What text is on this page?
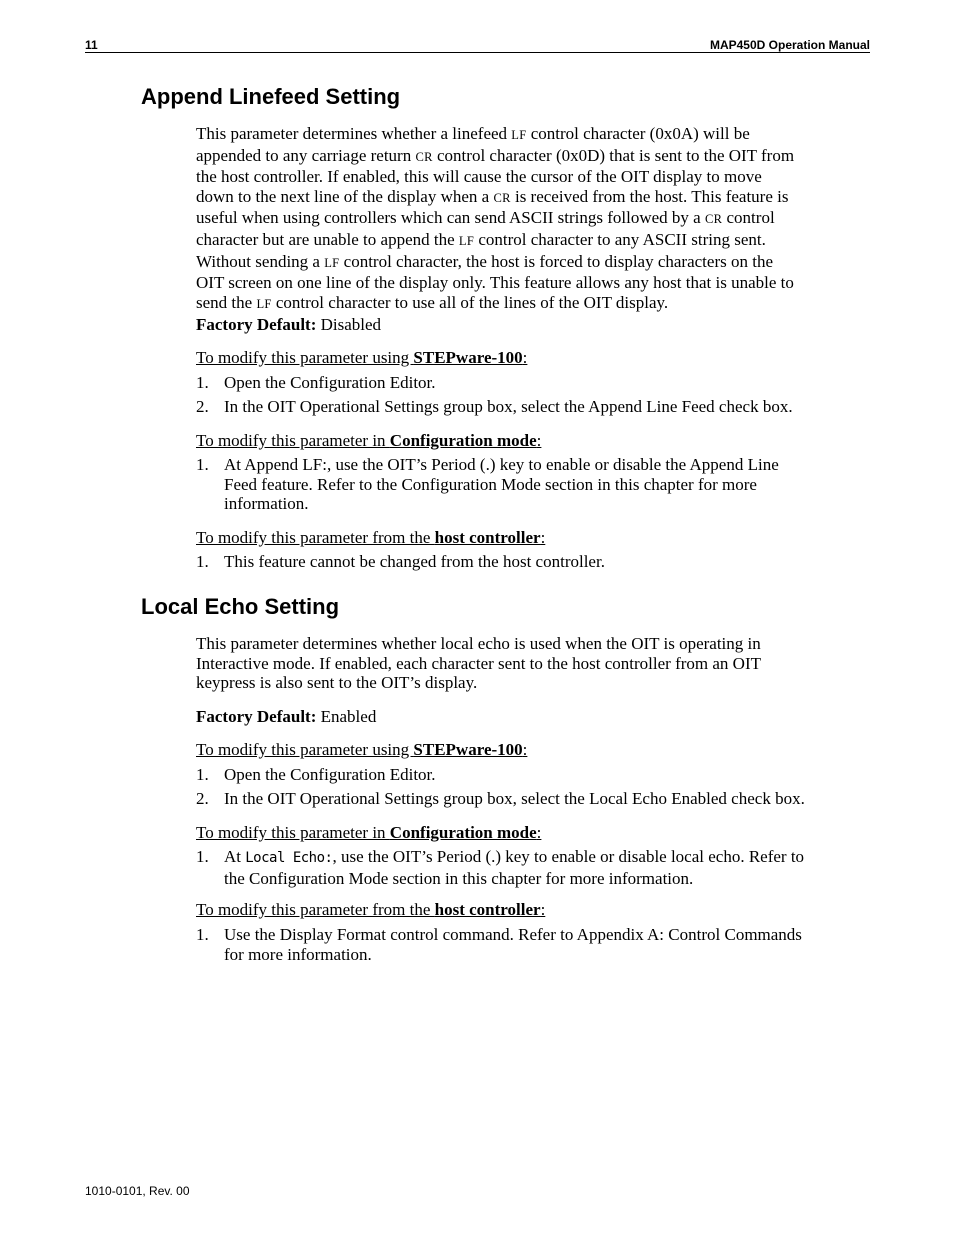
11	MAP450D Operation Manual
Append Linefeed Setting
This parameter determines whether a linefeed LF control character (0x0A) will be
appended to any carriage return CR control character (0x0D) that is sent to the OIT from
the host controller. If enabled, this will cause the cursor of the OIT display to move
down to the next line of the display when a CR is received from the host. This feature is
useful when using controllers which can send ASCII strings followed by a CR control
character but are unable to append the LF control character to any ASCII string sent.
Without sending a LF control character, the host is forced to display characters on the
OIT screen on one line of the display only. This feature allows any host that is unable to
send the LF control character to use all of the lines of the OIT display.
Factory Default: Disabled
To modify this parameter using STEPware-100:
1. Open the Configuration Editor.
2. In the OIT Operational Settings group box, select the Append Line Feed check box.
To modify this parameter in Configuration mode:
1. At Append LF:, use the OIT’s Period (.) key to enable or disable the Append Line
Feed feature. Refer to the Configuration Mode section in this chapter for more
information.
To modify this parameter from the host controller:
1. This feature cannot be changed from the host controller.
Local Echo Setting
This parameter determines whether local echo is used when the OIT is operating in
Interactive mode. If enabled, each character sent to the host controller from an OIT
keypress is also sent to the OIT’s display.
Factory Default: Enabled
To modify this parameter using STEPware-100:
1. Open the Configuration Editor.
2. In the OIT Operational Settings group box, select the Local Echo Enabled check box.
To modify this parameter in Configuration mode:
1. At Local Echo:, use the OIT’s Period (.) key to enable or disable local echo. Refer to
the Configuration Mode section in this chapter for more information.
To modify this parameter from the host controller:
1. Use the Display Format control command. Refer to Appendix A: Control Commands
for more information.
1010-0101, Rev. 00
